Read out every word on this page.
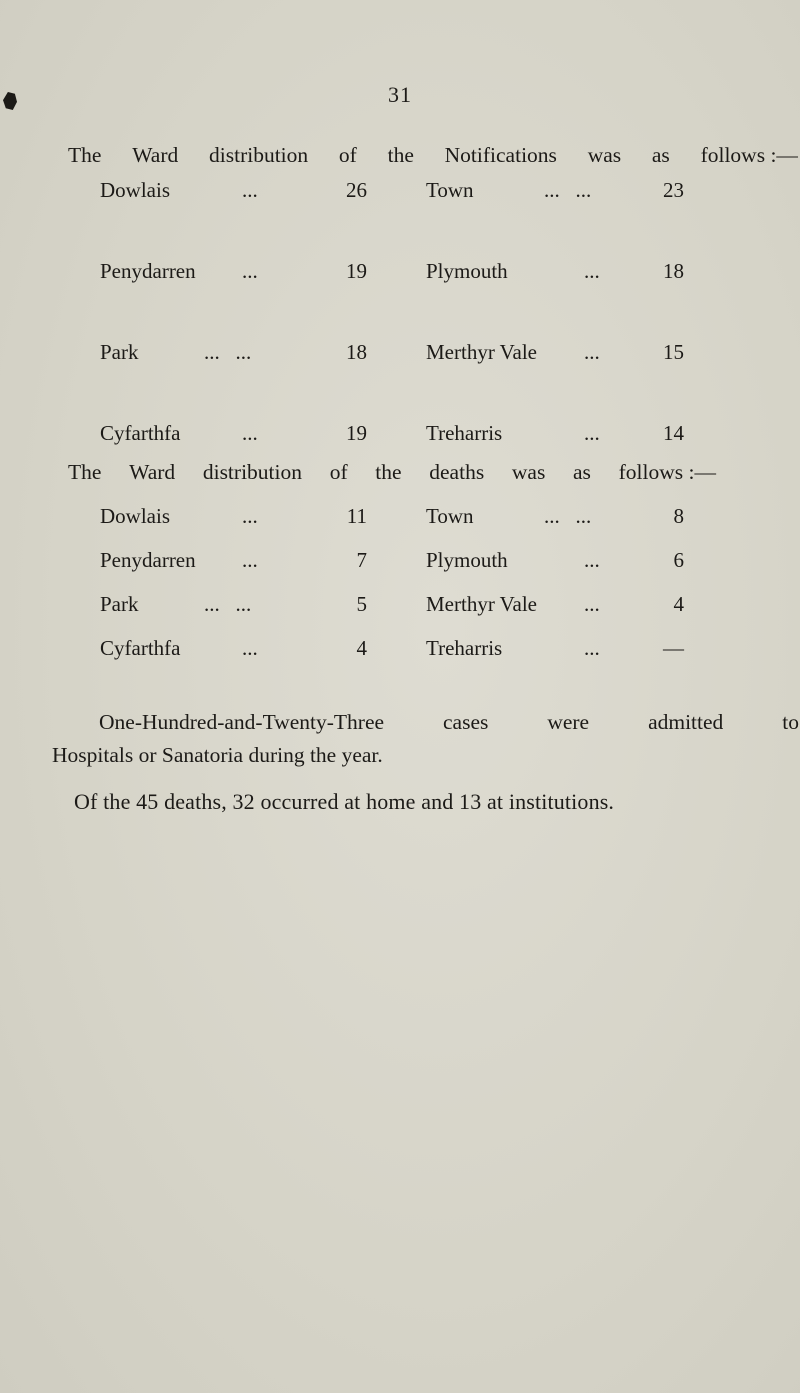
31
The Ward distribution of the Notifications was as follows :—
Dowlais	...	26	Town	...   ...	23
Penydarren ...	19	Plymouth	...	18
Park	...   ...	18	Merthyr Vale ...	15
Cyfarthfa	...	19	Treharris	...	14
The Ward distribution of the deaths was as follows :—
Dowlais	...	11	Town	...   ...	8
Penydarren ...	7	Plymouth	...	6
Park	...   ...	5	Merthyr Vale ...	4
Cyfarthfa	...	4	Treharris	...	—
One-Hundred-and-Twenty-Three	cases	were	admitted	to
Hospitals or Sanatoria during the year.
Of the 45 deaths, 32 occurred at home and 13 at institutions.
